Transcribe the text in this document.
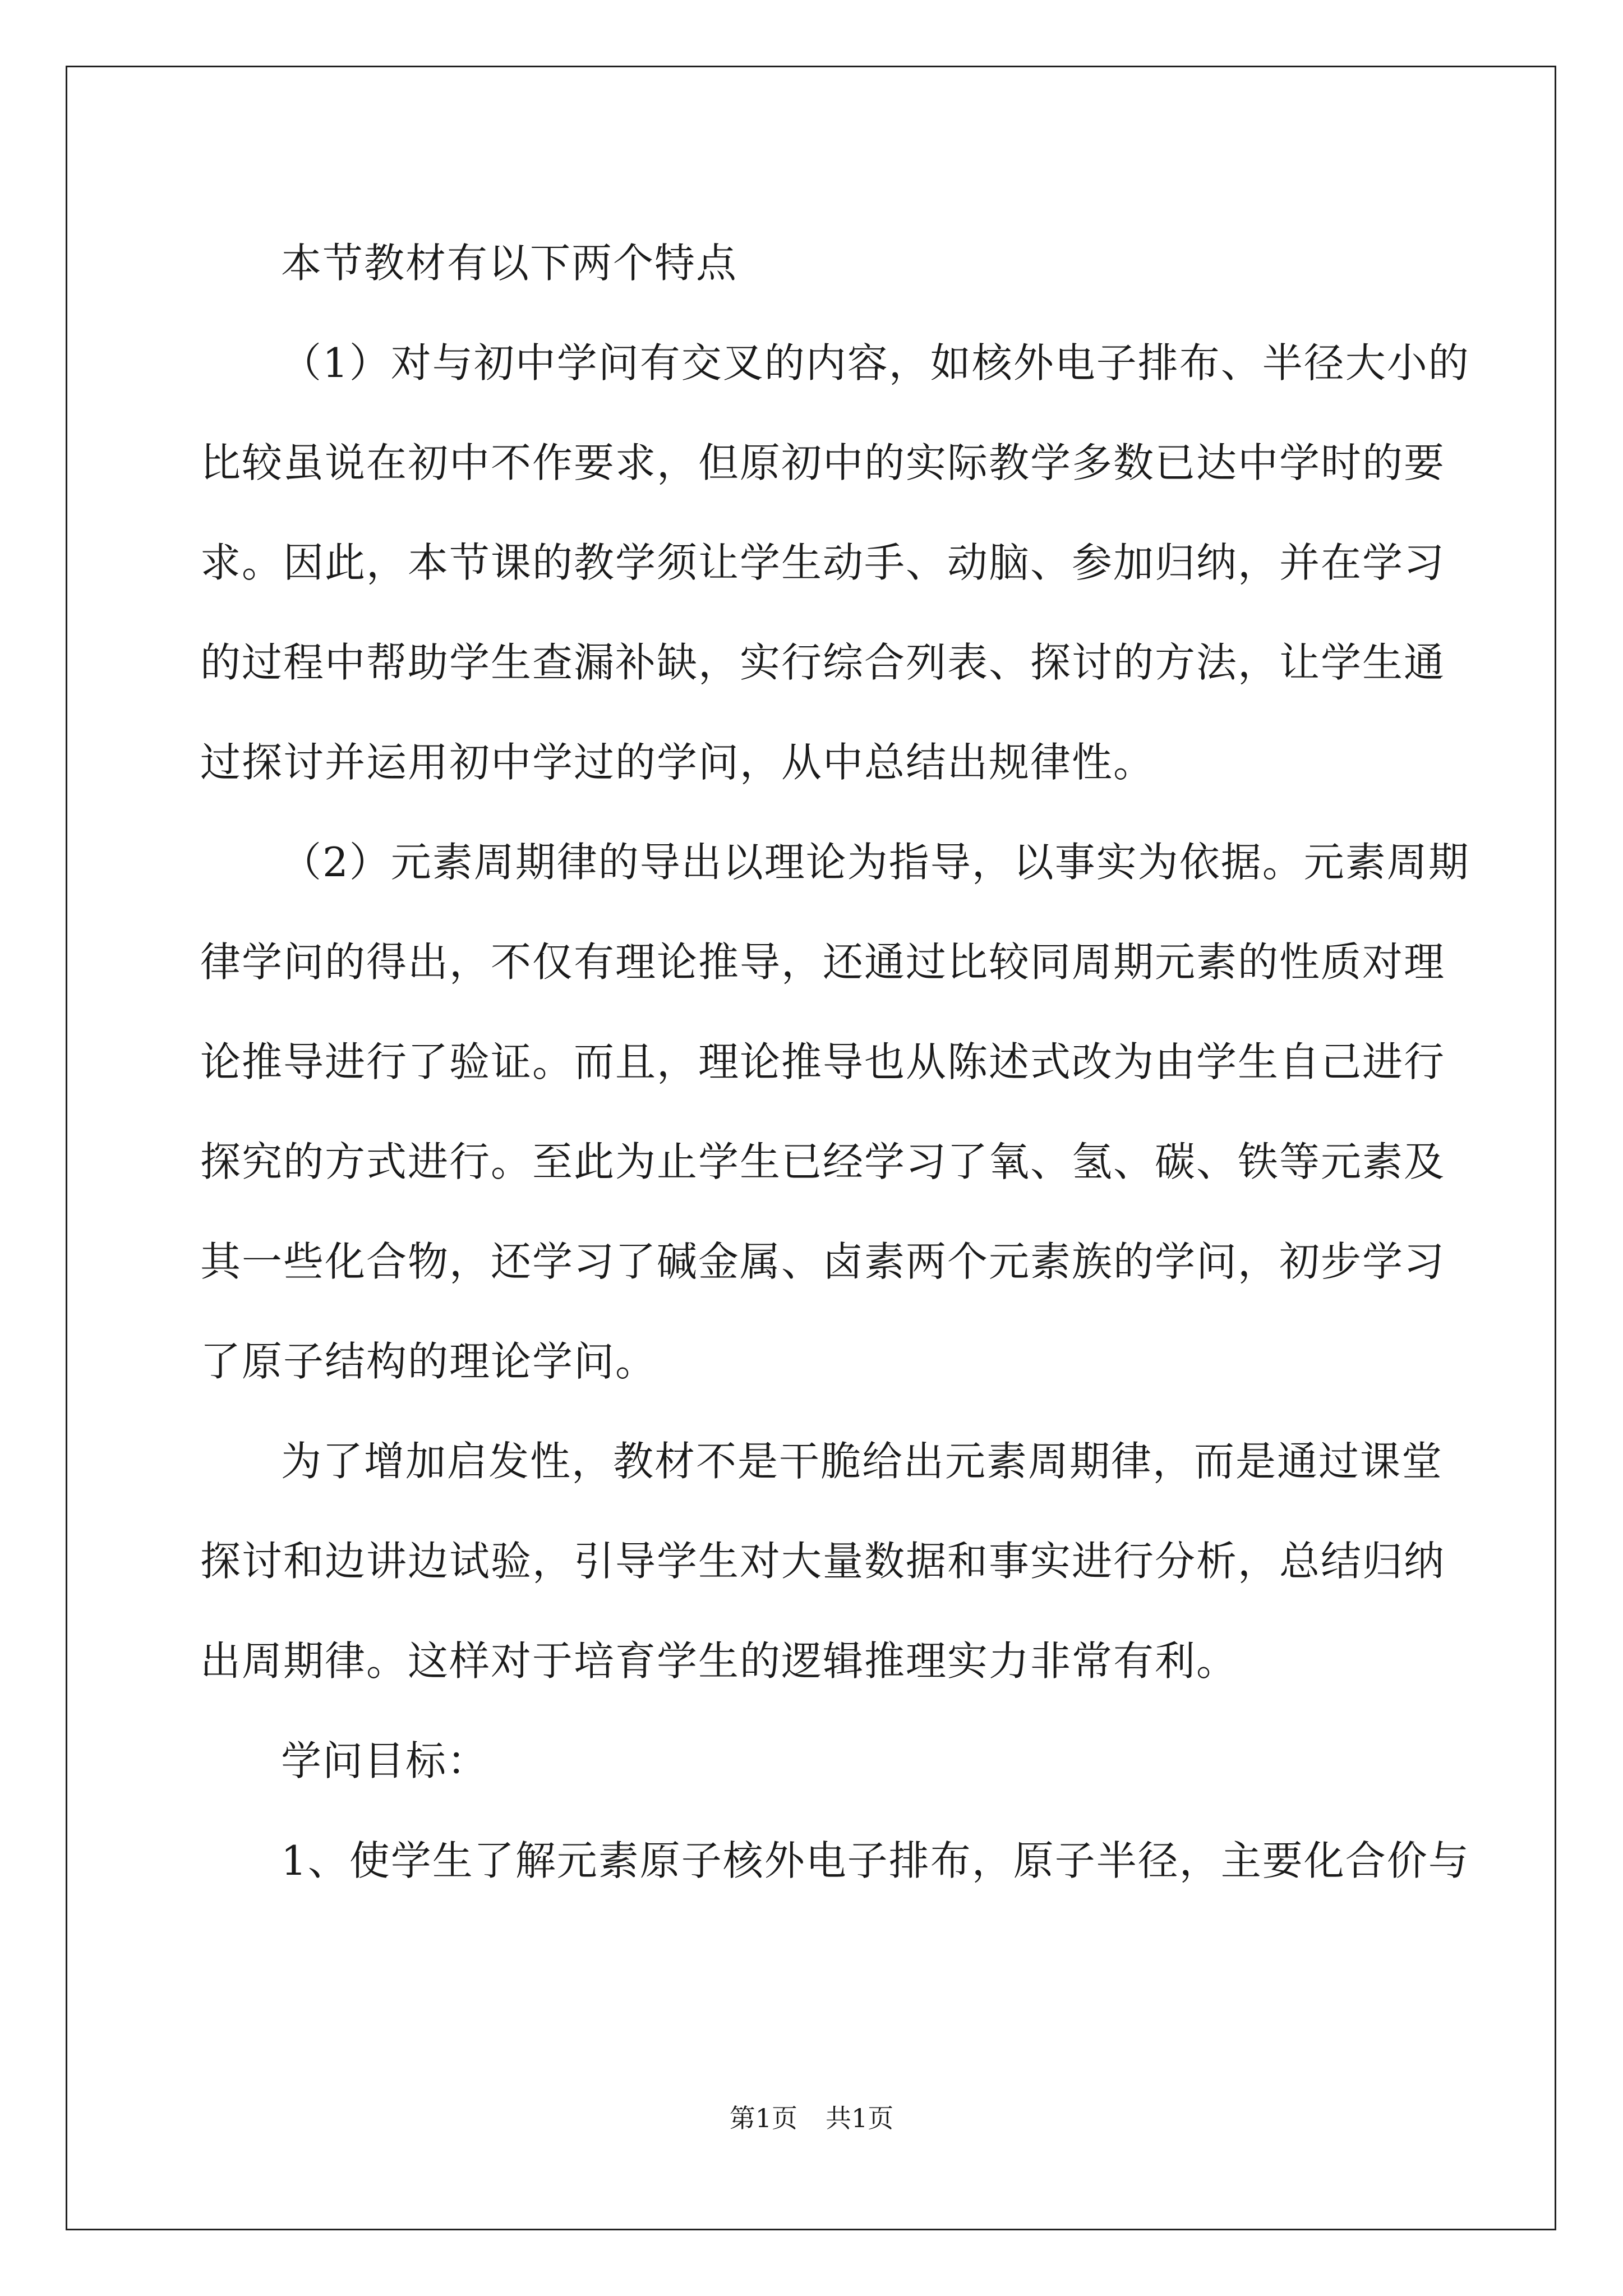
本节教材有以下两个特点
（1）对与初中学问有交叉的内容，如核外电子排布、半径大小的
比较虽说在初中不作要求，但原初中的实际教学多数已达中学时的要
求。因此，本节课的教学须让学生动手、动脑、参加归纳，并在学习
的过程中帮助学生查漏补缺，实行综合列表、探讨的方法，让学生通
过探讨并运用初中学过的学问，从中总结出规律性。
（2）元素周期律的导出以理论为指导，以事实为依据。元素周期
律学问的得出，不仅有理论推导，还通过比较同周期元素的性质对理
论推导进行了验证。而且，理论推导也从陈述式改为由学生自己进行
探究的方式进行。至此为止学生已经学习了氧、氢、碳、铁等元素及
其一些化合物，还学习了碱金属、卤素两个元素族的学问，初步学习
了原子结构的理论学问。
为了增加启发性，教材不是干脆给出元素周期律，而是通过课堂
探讨和边讲边试验，引导学生对大量数据和事实进行分析，总结归纳
出周期律。这样对于培育学生的逻辑推理实力非常有利。
学问目标：
1、使学生了解元素原子核外电子排布，原子半径，主要化合价与
第1页 共1页
